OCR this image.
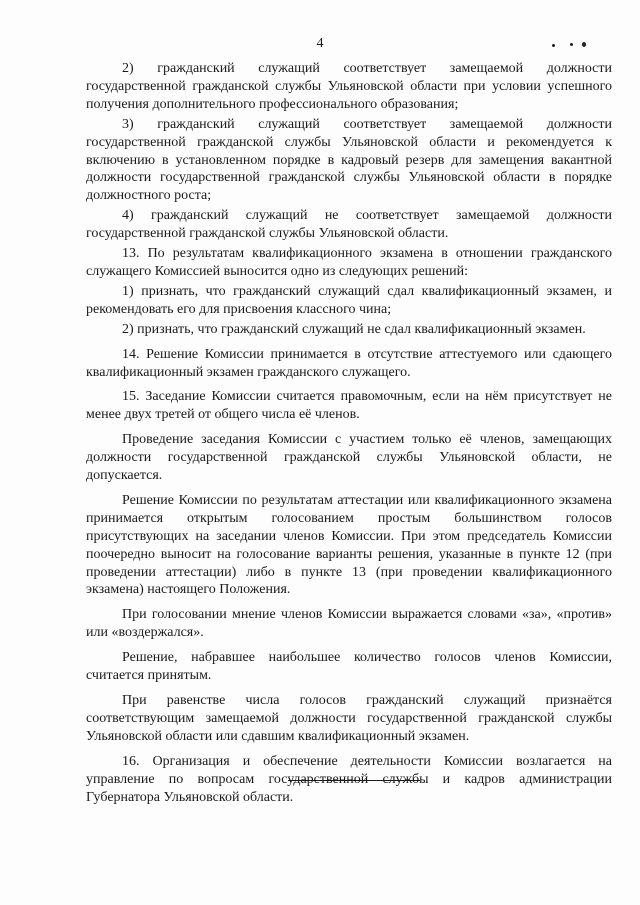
4

2) гражданский служащий соответствует замещаемой должности государственной гражданской службы Ульяновской области при условии успешного получения дополнительного профессионального образования;

3) гражданский служащий соответствует замещаемой должности государственной гражданской службы Ульяновской области и рекомендуется к включению в установленном порядке в кадровый резерв для замещения вакантной должности государственной гражданской службы Ульяновской области в порядке должностного роста;

4) гражданский служащий не соответствует замещаемой должности государственной гражданской службы Ульяновской области.

13. По результатам квалификационного экзамена в отношении гражданского служащего Комиссией выносится одно из следующих решений:

1) признать, что гражданский служащий сдал квалификационный экзамен, и рекомендовать его для присвоения классного чина;

2) признать, что гражданский служащий не сдал квалификационный экзамен.

14. Решение Комиссии принимается в отсутствие аттестуемого или сдающего квалификационный экзамен гражданского служащего.

15. Заседание Комиссии считается правомочным, если на нём присутствует не менее двух третей от общего числа её членов.

Проведение заседания Комиссии с участием только её членов, замещающих должности государственной гражданской службы Ульяновской области, не допускается.

Решение Комиссии по результатам аттестации или квалификационного экзамена принимается открытым голосованием простым большинством голосов присутствующих на заседании членов Комиссии. При этом председатель Комиссии поочередно выносит на голосование варианты решения, указанные в пункте 12 (при проведении аттестации) либо в пункте 13 (при проведении квалификационного экзамена) настоящего Положения.

При голосовании мнение членов Комиссии выражается словами «за», «против» или «воздержался».

Решение, набравшее наибольшее количество голосов членов Комиссии, считается принятым.

При равенстве числа голосов гражданский служащий признаётся соответствующим замещаемой должности государственной гражданской службы Ульяновской области или сдавшим квалификационный экзамен.

16. Организация и обеспечение деятельности Комиссии возлагается на управление по вопросам государственной службы и кадров администрации Губернатора Ульяновской области.
